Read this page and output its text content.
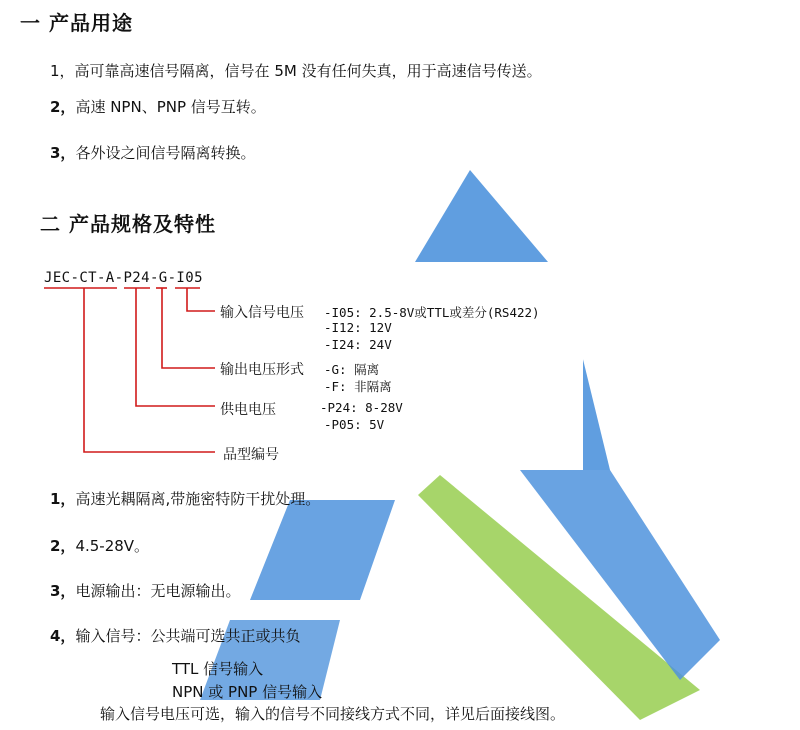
一 产品用途
1，高可靠高速信号隔离，信号在 5M 没有任何失真，用于高速信号传送。
2，高速 NPN、PNP 信号互转。
3，各外设之间信号隔离转换。
二 产品规格及特性
JEC-CT-A-P24-G-I05
输入信号电压 -I05: 2.5-8V或TTL或差分(RS422)
-I12: 12V
-I24: 24V
输出电压形式 -G: 隔离
-F: 非隔离
供电电压	-P24: 8-28V
-P05: 5V
品型编号
1，高速光耦隔离,带施密特防干扰处理。
2，4.5-28V。
3，电源输出：无电源输出。
4，输入信号：公共端可选共正或共负
TTL 信号输入
NPN 或 PNP 信号输入
输入信号电压可选，输入的信号不同接线方式不同，详见后面接线图。
